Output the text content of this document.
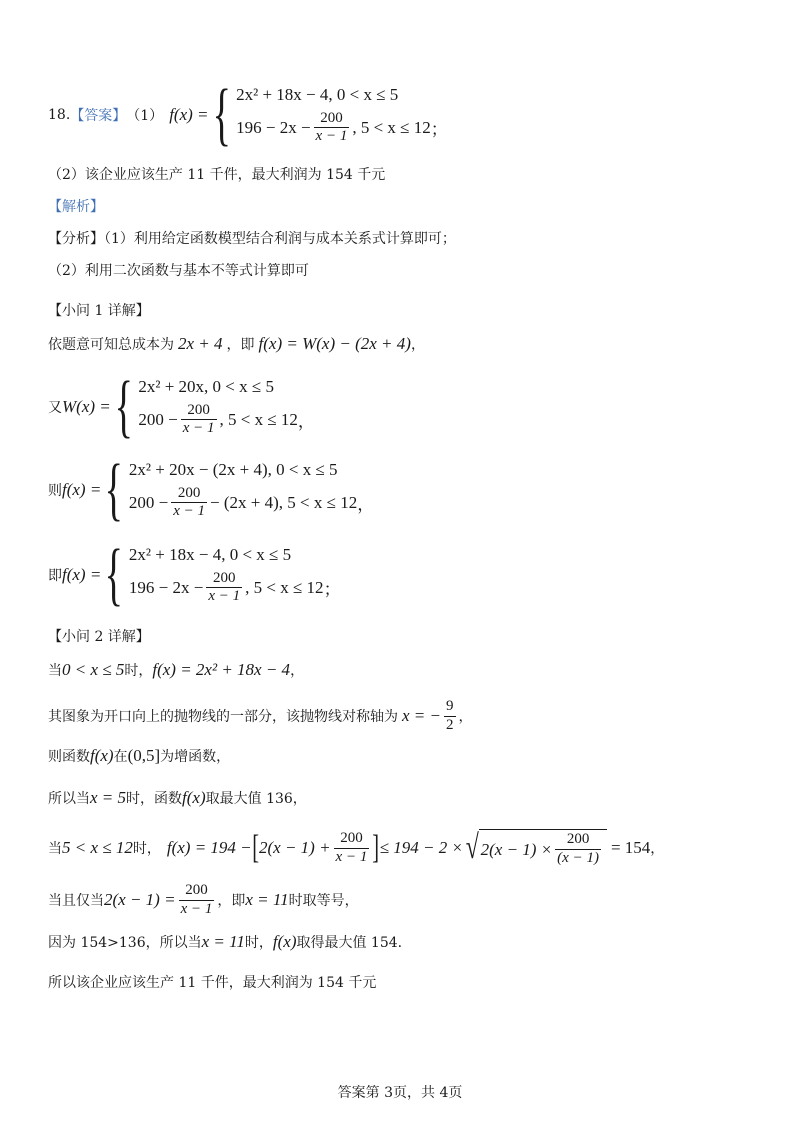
18. 【答案】 （1） f(x) = { 2x² + 18x − 4, 0 < x ≤ 5
$196 - 2x - \frac{200}{x - 1}$ , 5 < x ≤ 12 ；
（2）该企业应该生产 11 千件，最大利润为 154 千元
【解析】
【分析】（1）利用给定函数模型结合利润与成本关系式计算即可；
（2）利用二次函数与基本不等式计算即可
【小问 1 详解】
依题意可知总成本为 2x + 4 ，即 f(x) = W(x) − (2x + 4) ，
又 W(x) = { 2x² + 20x, 0 < x ≤ 5
$200 - \frac{200}{x - 1}$ , 5 < x ≤ 12 ，
则 f(x) = { 2x² + 20x − (2x + 4), 0 < x ≤ 5
$200 - \frac{200}{x - 1} - (2x + 4)$, 5 < x ≤ 12 ，
即 f(x) = { 2x² + 18x − 4, 0 < x ≤ 5
$196 - 2x - \frac{200}{x - 1}$ , 5 < x ≤ 12 ；
【小问 2 详解】
当 0 < x ≤ 5 时， f(x) = 2x² + 18x − 4 ，
其图象为开口向上的抛物线的一部分，该抛物线对称轴为 x = − $\frac{9}{2}$ ，
则函数 f(x) 在 (0,5] 为增函数，
所以当 x = 5 时，函数 f(x) 取最大值 136，
当 5 < x ≤ 12 时， f(x) = 194 − [ $2(x - 1) + \frac{200}{x - 1}$ ] ≤ 194 − 2 × √ $2(x - 1) \times \frac{200}{(x - 1)} = 154$ ，
当且仅当 $2(x - 1) = \frac{200}{x - 1}$ ，即 x = 11 时取等号，
因为 154>136，所以当 x = 11 时， f(x) 取得最大值 154.
所以该企业应该生产 11 千件，最大利润为 154 千元
答案第 3页，共 4页
